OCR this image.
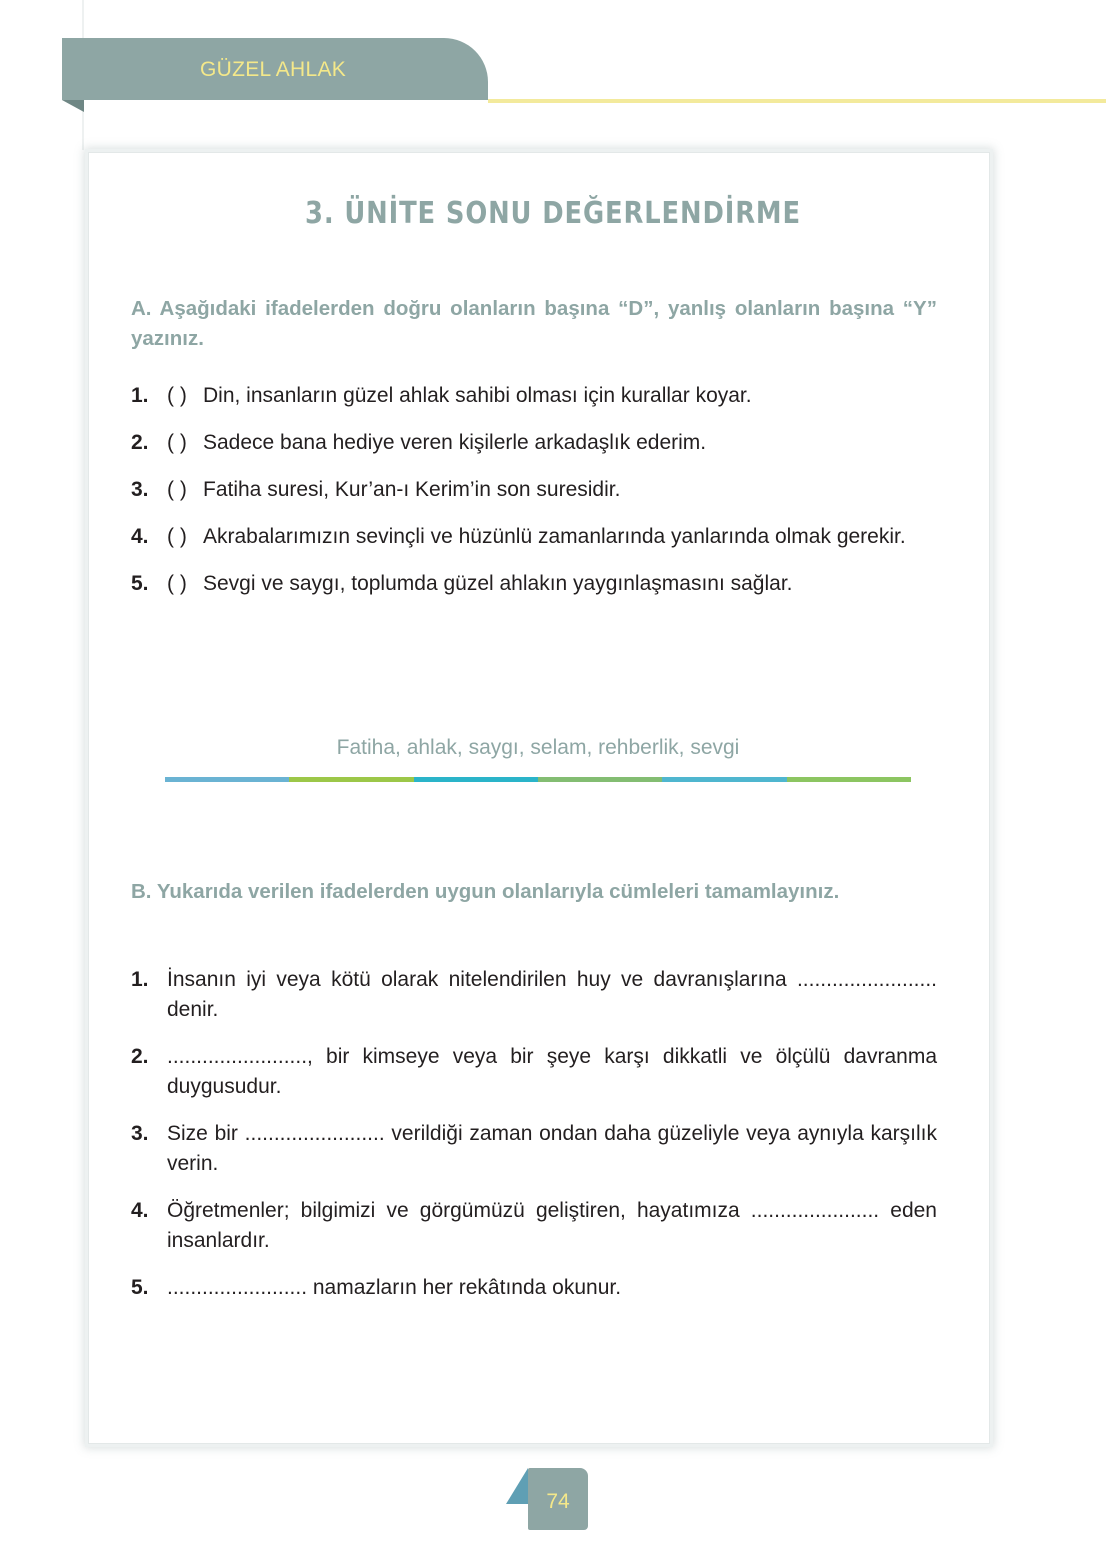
GÜZEL AHLAK
3. ÜNİTE SONU DEĞERLENDİRME
A. Aşağıdaki ifadelerden doğru olanların başına “D”, yanlış olanların başına “Y” yazınız.
1. ( ) Din, insanların güzel ahlak sahibi olması için kurallar koyar.
2. ( ) Sadece bana hediye veren kişilerle arkadaşlık ederim.
3. ( ) Fatiha suresi, Kur’an-ı Kerim’in son suresidir.
4. ( ) Akrabalarımızın sevinçli ve hüzünlü zamanlarında yanlarında olmak gerekir.
5. ( ) Sevgi ve saygı, toplumda güzel ahlakın yaygınlaşmasını sağlar.
Fatiha, ahlak, saygı, selam, rehberlik, sevgi
B. Yukarıda verilen ifadelerden uygun olanlarıyla cümleleri tamamlayınız.
1. İnsanın iyi veya kötü olarak nitelendirilen huy ve davranışlarına ........................ denir.
2. ........................, bir kimseye veya bir şeye karşı dikkatli ve ölçülü davranma duygusudur.
3. Size bir ........................ verildiği zaman ondan daha güzeliyle veya aynıyla karşılık verin.
4. Öğretmenler; bilgimizi ve görgümüzü geliştiren, hayatımıza ...................... eden insanlardır.
5. ........................ namazların her rekâtında okunur.
74
